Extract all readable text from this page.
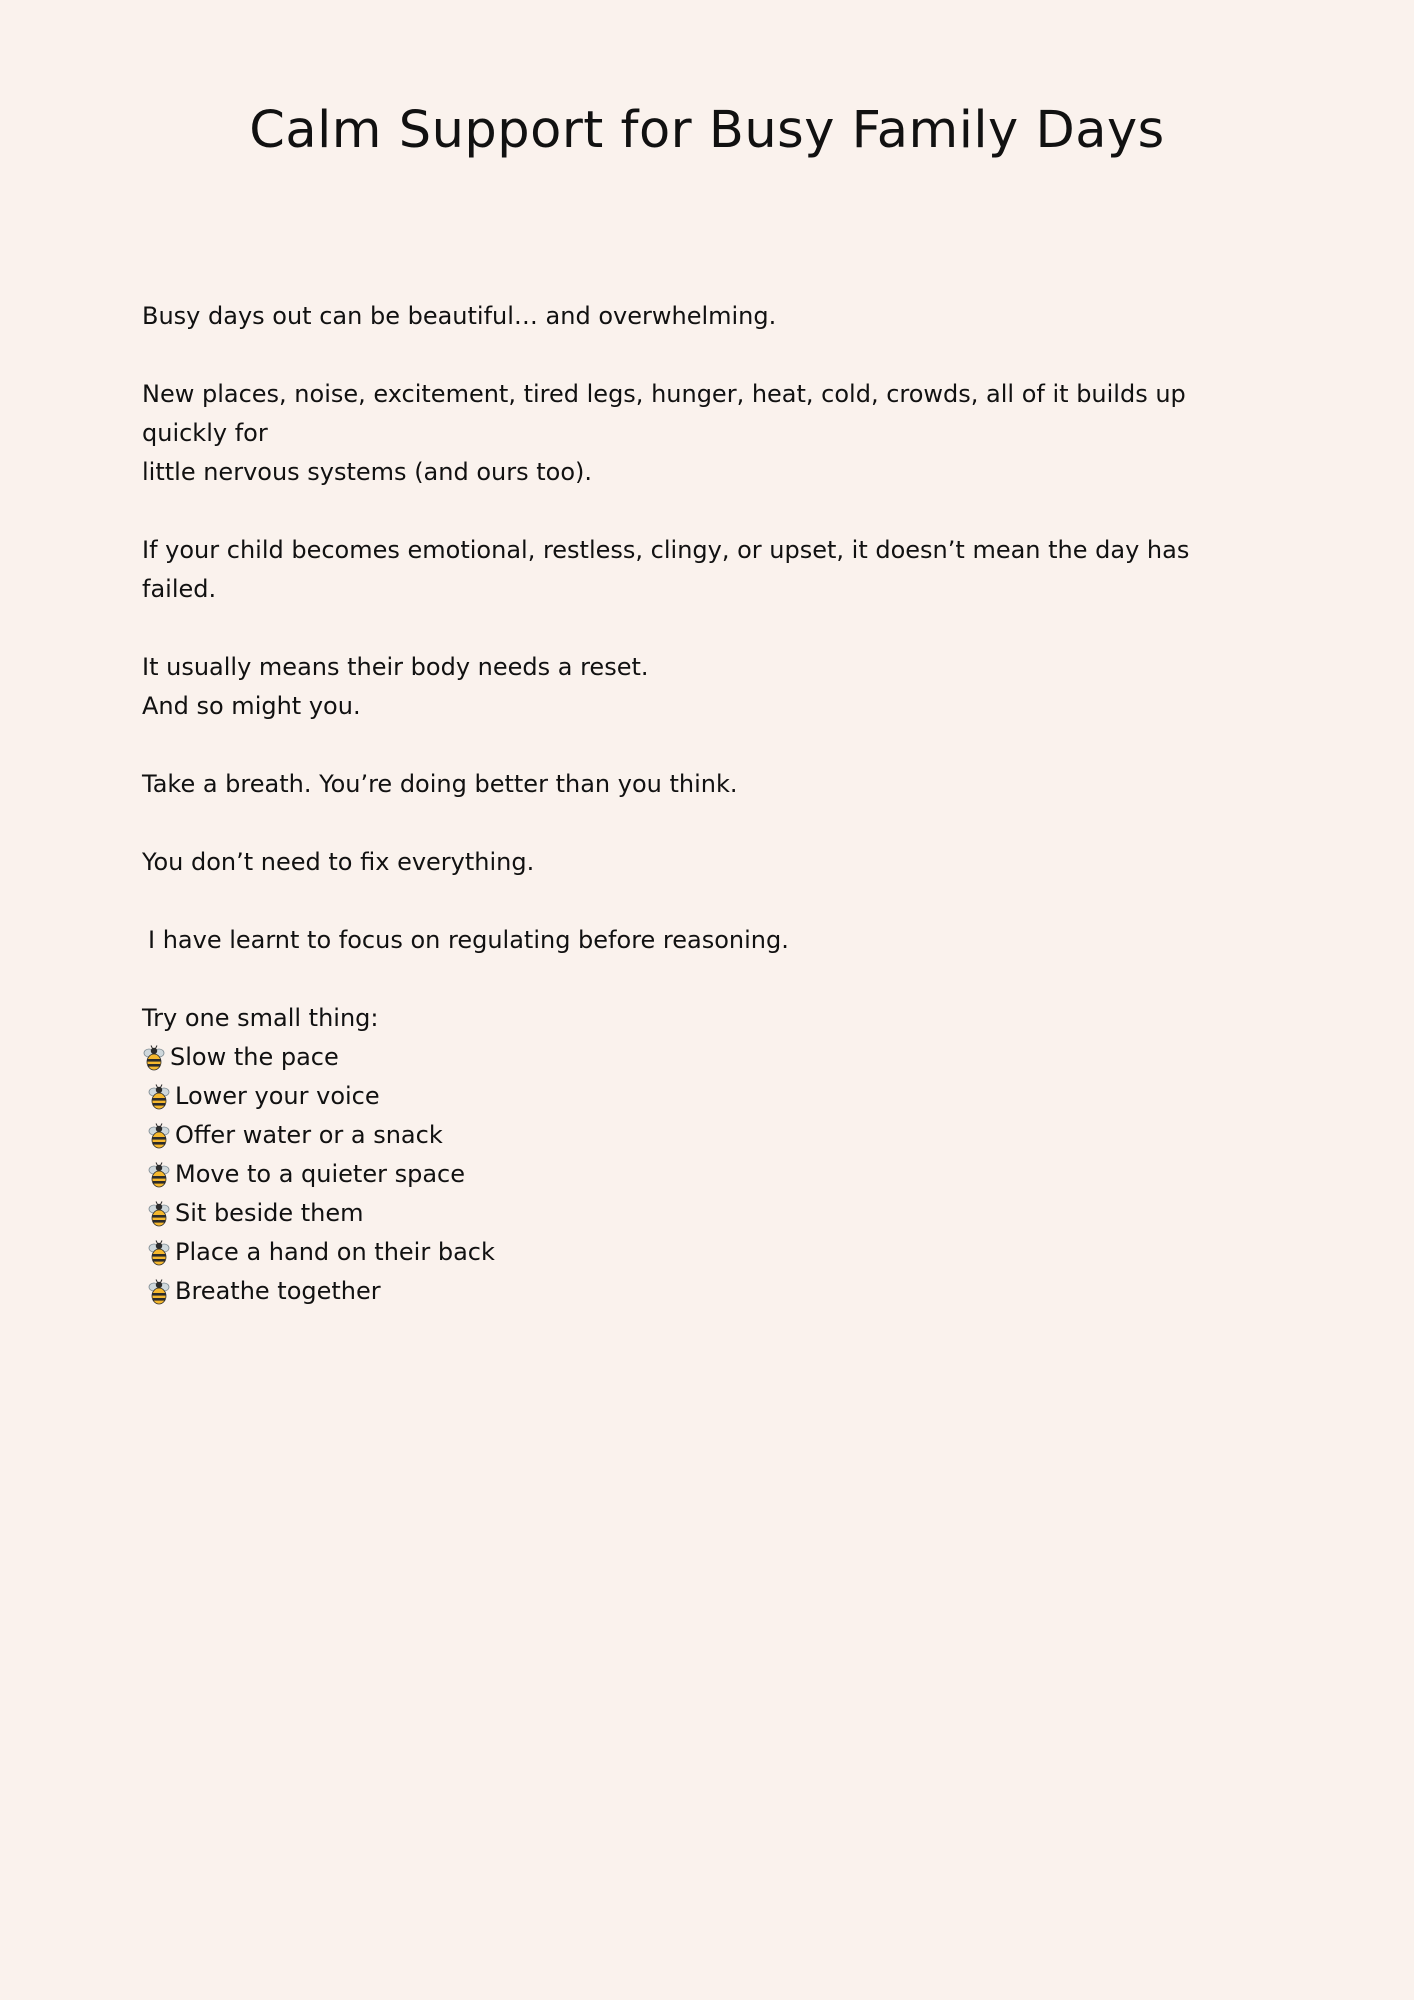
Calm Support for Busy Family Days

Busy days out can be beautiful… and overwhelming.

New places, noise, excitement, tired legs, hunger, heat, cold, crowds, all of it builds up quickly for
little nervous systems (and ours too).

If your child becomes emotional, restless, clingy, or upset, it doesn’t mean the day has failed.

It usually means their body needs a reset.
And so might you.

Take a breath. You’re doing better than you think.

You don’t need to fix everything.

I have learnt to focus on regulating before reasoning.

Try one small thing:

Slow the pace
Lower your voice
Offer water or a snack
Move to a quieter space
Sit beside them
Place a hand on their back
Breathe together
